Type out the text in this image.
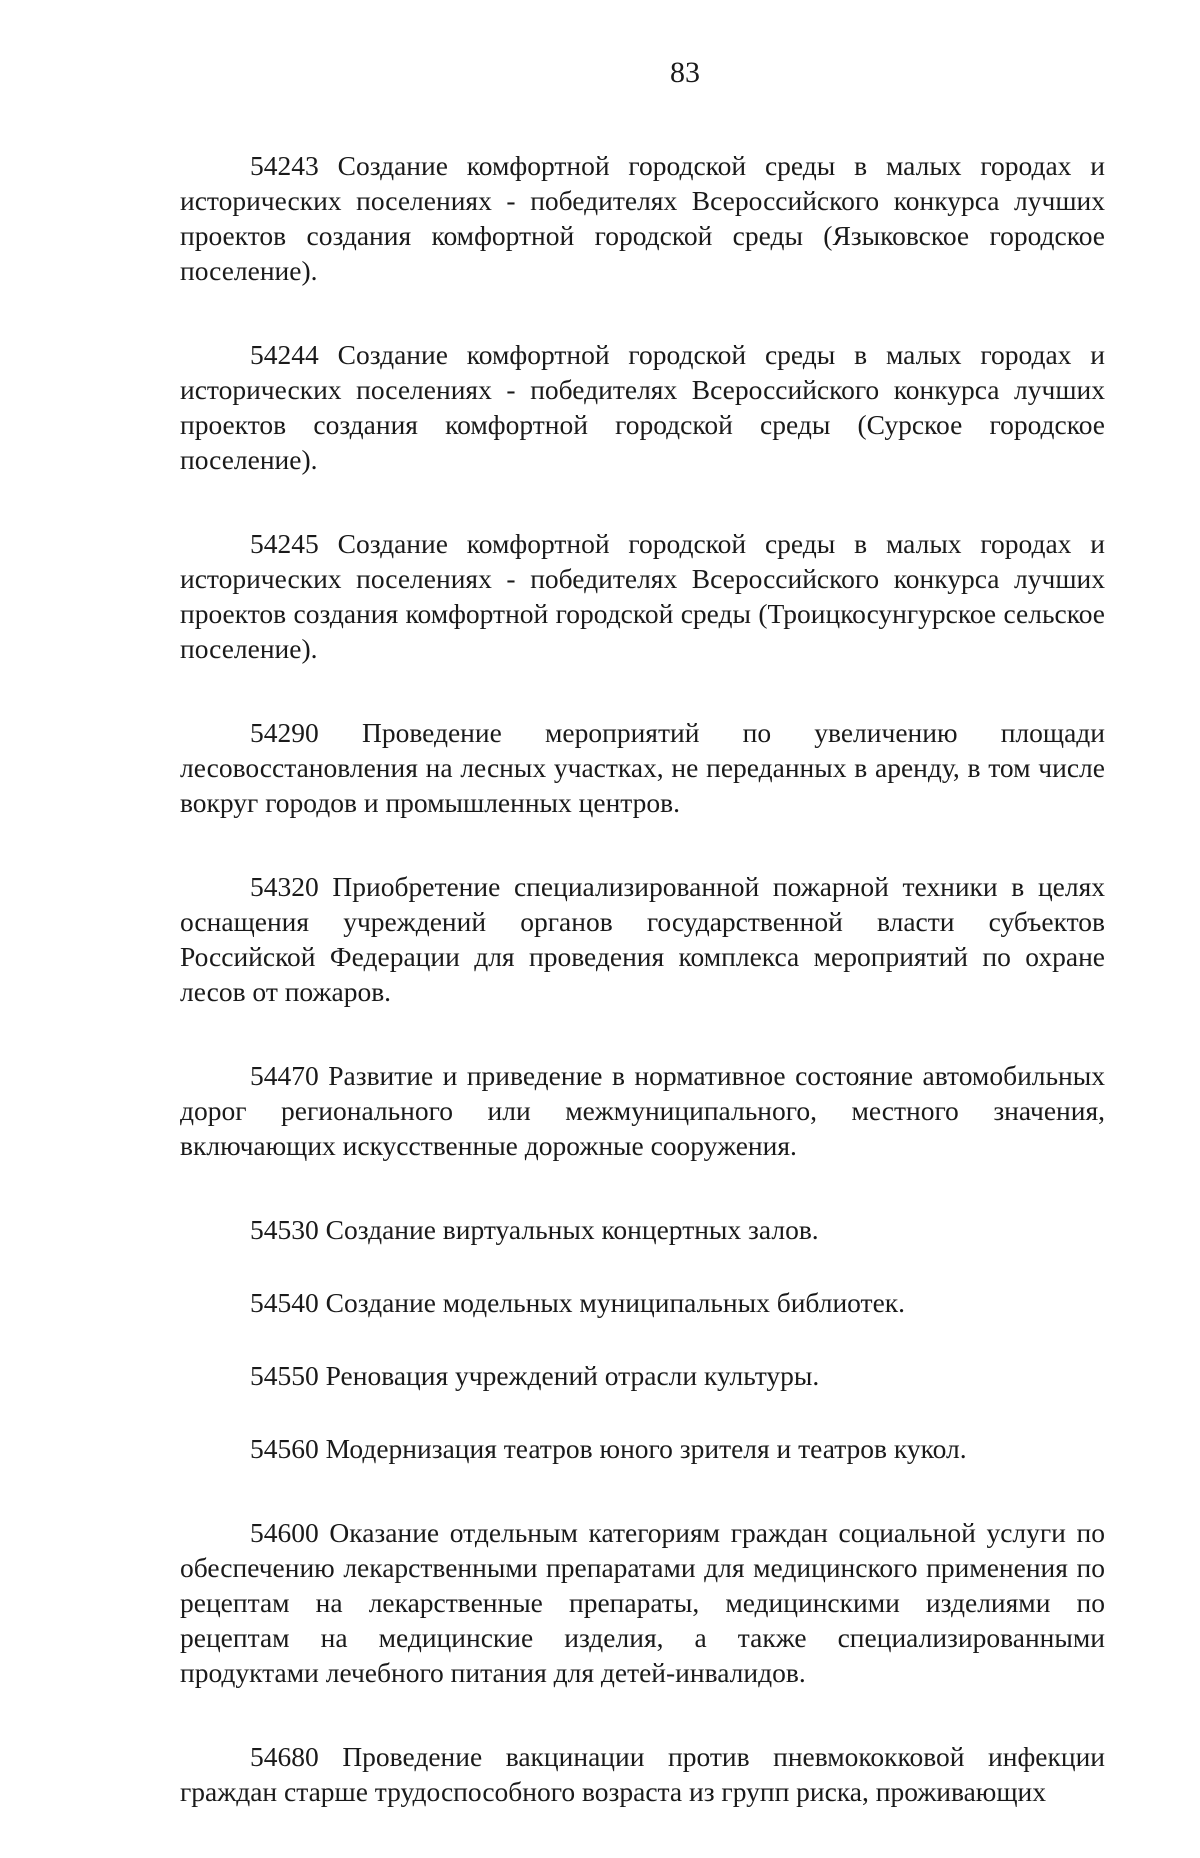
83

54243 Создание комфортной городской среды в малых городах и исторических поселениях - победителях Всероссийского конкурса лучших проектов создания комфортной городской среды (Языковское городское поселение).

54244 Создание комфортной городской среды в малых городах и исторических поселениях - победителях Всероссийского конкурса лучших проектов создания комфортной городской среды (Сурское городское поселение).

54245 Создание комфортной городской среды в малых городах и исторических поселениях - победителях Всероссийского конкурса лучших проектов создания комфортной городской среды (Троицкосунгурское сельское поселение).

54290 Проведение мероприятий по увеличению площади лесовосстановления на лесных участках, не переданных в аренду, в том числе вокруг городов и промышленных центров.

54320 Приобретение специализированной пожарной техники в целях оснащения учреждений органов государственной власти субъектов Российской Федерации для проведения комплекса мероприятий по охране лесов от пожаров.

54470 Развитие и приведение в нормативное состояние автомобильных дорог регионального или межмуниципального, местного значения, включающих искусственные дорожные сооружения.

54530 Создание виртуальных концертных залов.

54540 Создание модельных муниципальных библиотек.

54550 Реновация учреждений отрасли культуры.

54560 Модернизация театров юного зрителя и театров кукол.

54600 Оказание отдельным категориям граждан социальной услуги по обеспечению лекарственными препаратами для медицинского применения по рецептам на лекарственные препараты, медицинскими изделиями по рецептам на медицинские изделия, а также специализированными продуктами лечебного питания для детей-инвалидов.

54680 Проведение вакцинации против пневмококковой инфекции граждан старше трудоспособного возраста из групп риска, проживающих
